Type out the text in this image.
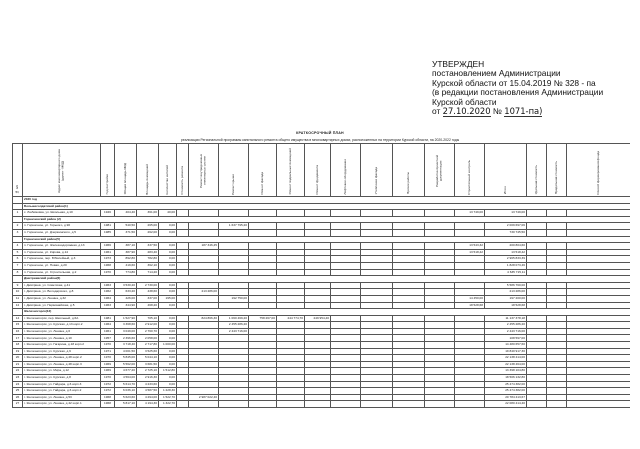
УТВЕРЖДЕН
постановлением Администрации
Курской области от 15.04.2019 № 328 - па
(в редакции постановления Администрации
Курской области
от 27.10.2020 № 1071-па)
КРАТКОСРОЧНЫЙ ПЛАН
реализации Региональной программы капитального ремонта общего имущества в многоквартирных домах, расположенных на территории Курской области, на 2020-2022 годы
№ п/п	Адрес многоквартирного дома (далее - МКД)	Год постройки	Общая площадь МКД	Площадь помещений	Количество жителей	Стоимость ремонта	Ремонт внутридомовых инженерных систем	Ремонт крыши	Ремонт фасада	Ремонт подвальных помещений	Ремонт фундамента	Лифтовое оборудование	Утепление фасада	Прочие работы	Разработка проектной документации	Строительный контроль	Итого	Удельная стоимость	Предельная стоимость	Способ формирования фонда
	2020 год																			
	Большесолдатский район(1)																			
1	с. Любимовка, ул. Школьная, д.10	1946	404,40	361,00	40,00											13 749,00	13 749,00			
	Горшеченский район (2)																			
2	п. Горшечное, ул. Горького, д.90	1981	540,50	265,00	0,00			1 637 795,20									2 009 697,06			
3	п. Горшечное, ул. Дзержинского, д.5	1985	371,50	262,00	0,00												730 745,50			
	Горшеченский район(5)																			
4	п. Горшечное, ул. Железнодорожная, д.13	1966	387,10	337,50	0,00		187 346,45									13 543,32	200 804,60			
5	п. Горшечное, ул. Кирова, д.14	1961	387,90	283,40	0,00											13 518,42	13 518,42			
6	п. Горшечное, пер. Юбилейный, д.3	1973	892,80	782,80	0,00												2 965 833,39			
7	п. Горшечное, ул. Новая, д.20	1968	419,60	362,10	0,00												1 828 073,46			
8	п. Горшечное, ул. Строительная, д.2	1970	774,80	714,20	0,00												4 635 715,11			
	Дмитриевский район(6)																			
9	г. Дмитриев, ул. Советская, д.41	1963	3 530,20	2 730,00	0,00												5 586 760,00			
10	г. Дмитриев, ул. Володарского, д.8	1962	633,20	438,60	0,00		213 286,00										213 286,00			
11	г. Дмитриев, ул. Ленина, д.32	1964	426,00	337,00	195,00			192 750,00								14 450,00	197 200,00			
12	г. Дмитриев, ул. Первомайская, д.5	1963	344,90	468,20	0,00											18 528,68	18 528,68			
	Железногорск(12)																			
14	г. Железногорск, пер. Школьный, д.6А	1981	1 527,90	705,10	0,00		824 866,30	1 060 469,20	758 267,00	244 774,70	249 954,40						11 137 378,18			
15	г. Железногорск, ул. Курская, д.13 корп.2	1964	3 368,60	2 912,00	0,00			2 455 286,20									2 455 286,20			
16	г. Железногорск, ул. Ленина, д.6	1961	3 049,00	2 760,70	0,00			2 443 716,00									2 443 716,00			
17	г. Железногорск, ул. Ленина, д.10	1957	2 396,60	2 058,00	0,00												108 597,00			
18	г. Железногорск, ул. Гагарина, д.18 корп.2	1970	3 718,40	2 717,80	1 000,00												14 480 657,60			
19	г. Железногорск, ул. Курская, д.9	1971	4 001,50	3 525,60	0,00												19 840 917,30			
20	г. Железногорск, ул. Ленина, д.48 корп.2	1970	5 845,00	5 044,10	0,00												22 138 414,00			
21	г. Железногорск, ул. Ленина, д.48 корп.3	1969	5 562,00	3 681,50	0,00												22 138 464,00			
22	г. Железногорск, ул. Мира, д.12	1969	4 677,20	2 725,10	1 512,80												13 398 104,80			
23	г. Железногорск, ул. Курская, д.8	1970	4 564,00	2 916,30	0,00												18 506 132,80			
24	г. Железногорск, ул. Гайдара, д.6 корп.3	1972	5 614,70	4 233,60	0,00												25 474 382,00			
25	г. Железногорск, ул. Гайдара, д.6 корп.2	1972	6 036,10	4 587,50	1 228,30												25 474 382,00			
26	г. Железногорск, ул. Ленина, д.53	1968	5 623,60	4 294,00	1 522,70		2 987 022,40										20 784 413,67			
27	г. Железногорск, ул. Ленина, д.42 корп.1	1968	5 817,10	4 194,30	1 322,70												22 080 414,40			
